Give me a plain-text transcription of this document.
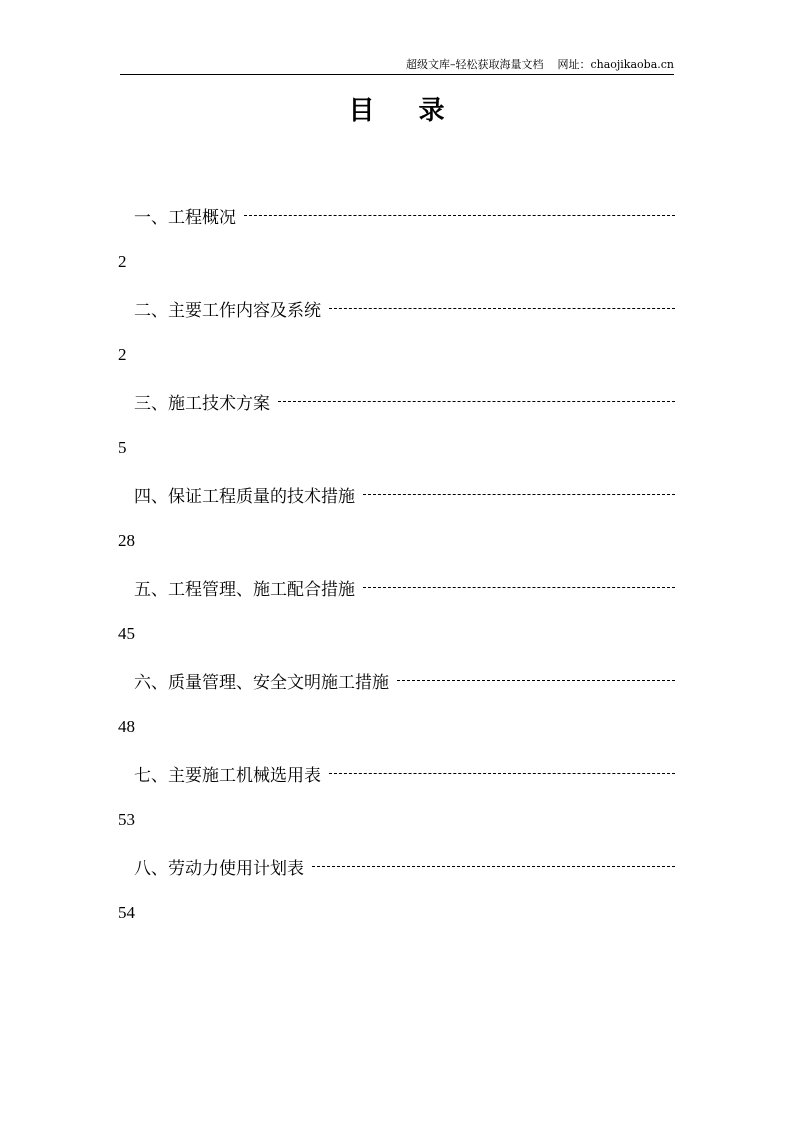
超级文库–轻松获取海量文档 网址：chaojikaoba.cn
目 录
一、工程概况
2
二、主要工作内容及系统
2
三、施工技术方案
5
四、保证工程质量的技术措施
28
五、工程管理、施工配合措施
45
六、质量管理、安全文明施工措施
48
七、主要施工机械选用表
53
八、劳动力使用计划表
54
